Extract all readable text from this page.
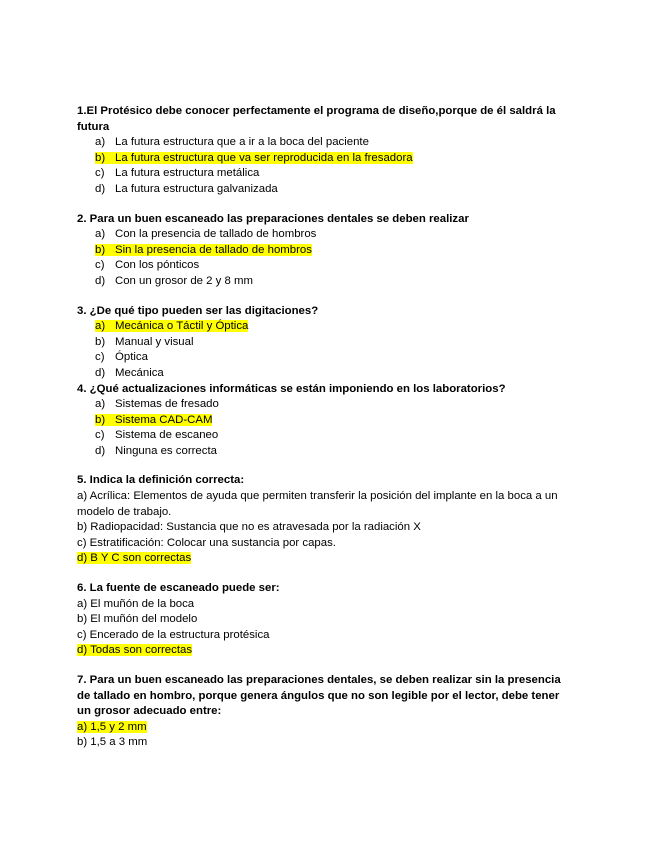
1.El Protésico debe conocer perfectamente el programa de diseño,porque de él saldrá la futura

a) La futura estructura que a ir a la boca del paciente
b) La futura estructura que va ser reproducida en la fresadora
c) La futura estructura metálica
d) La futura estructura galvanizada

2. Para un buen escaneado las preparaciones dentales se deben realizar

a) Con la presencia de tallado de hombros
b) Sin la presencia de tallado de hombros
c) Con los pónticos
d) Con un grosor de 2 y 8 mm

3. ¿De qué tipo pueden ser las digitaciones?

a) Mecánica o Táctil y Óptica
b) Manual y visual
c) Óptica
d) Mecánica

4. ¿Qué actualizaciones informáticas se están imponiendo en los laboratorios?

a) Sistemas de fresado
b) Sistema CAD-CAM
c) Sistema de escaneo
d) Ninguna es correcta

5. Indica la definición correcta:

a) Acrílica: Elementos de ayuda que permiten transferir la posición del implante en la boca a un modelo de trabajo.

b) Radiopacidad: Sustancia que no es atravesada por la radiación X

c) Estratificación: Colocar una sustancia por capas.

d) B Y C son correctas

6. La fuente de escaneado puede ser:

a) El muñón de la boca

b) El muñón del modelo

c) Encerado de la estructura protésica

d) Todas son correctas

7. Para un buen escaneado las preparaciones dentales, se deben realizar sin la presencia de tallado en hombro, porque genera ángulos que no son legible por el lector, debe tener un grosor adecuado entre:

a) 1,5 y 2 mm

b) 1,5 a 3 mm
